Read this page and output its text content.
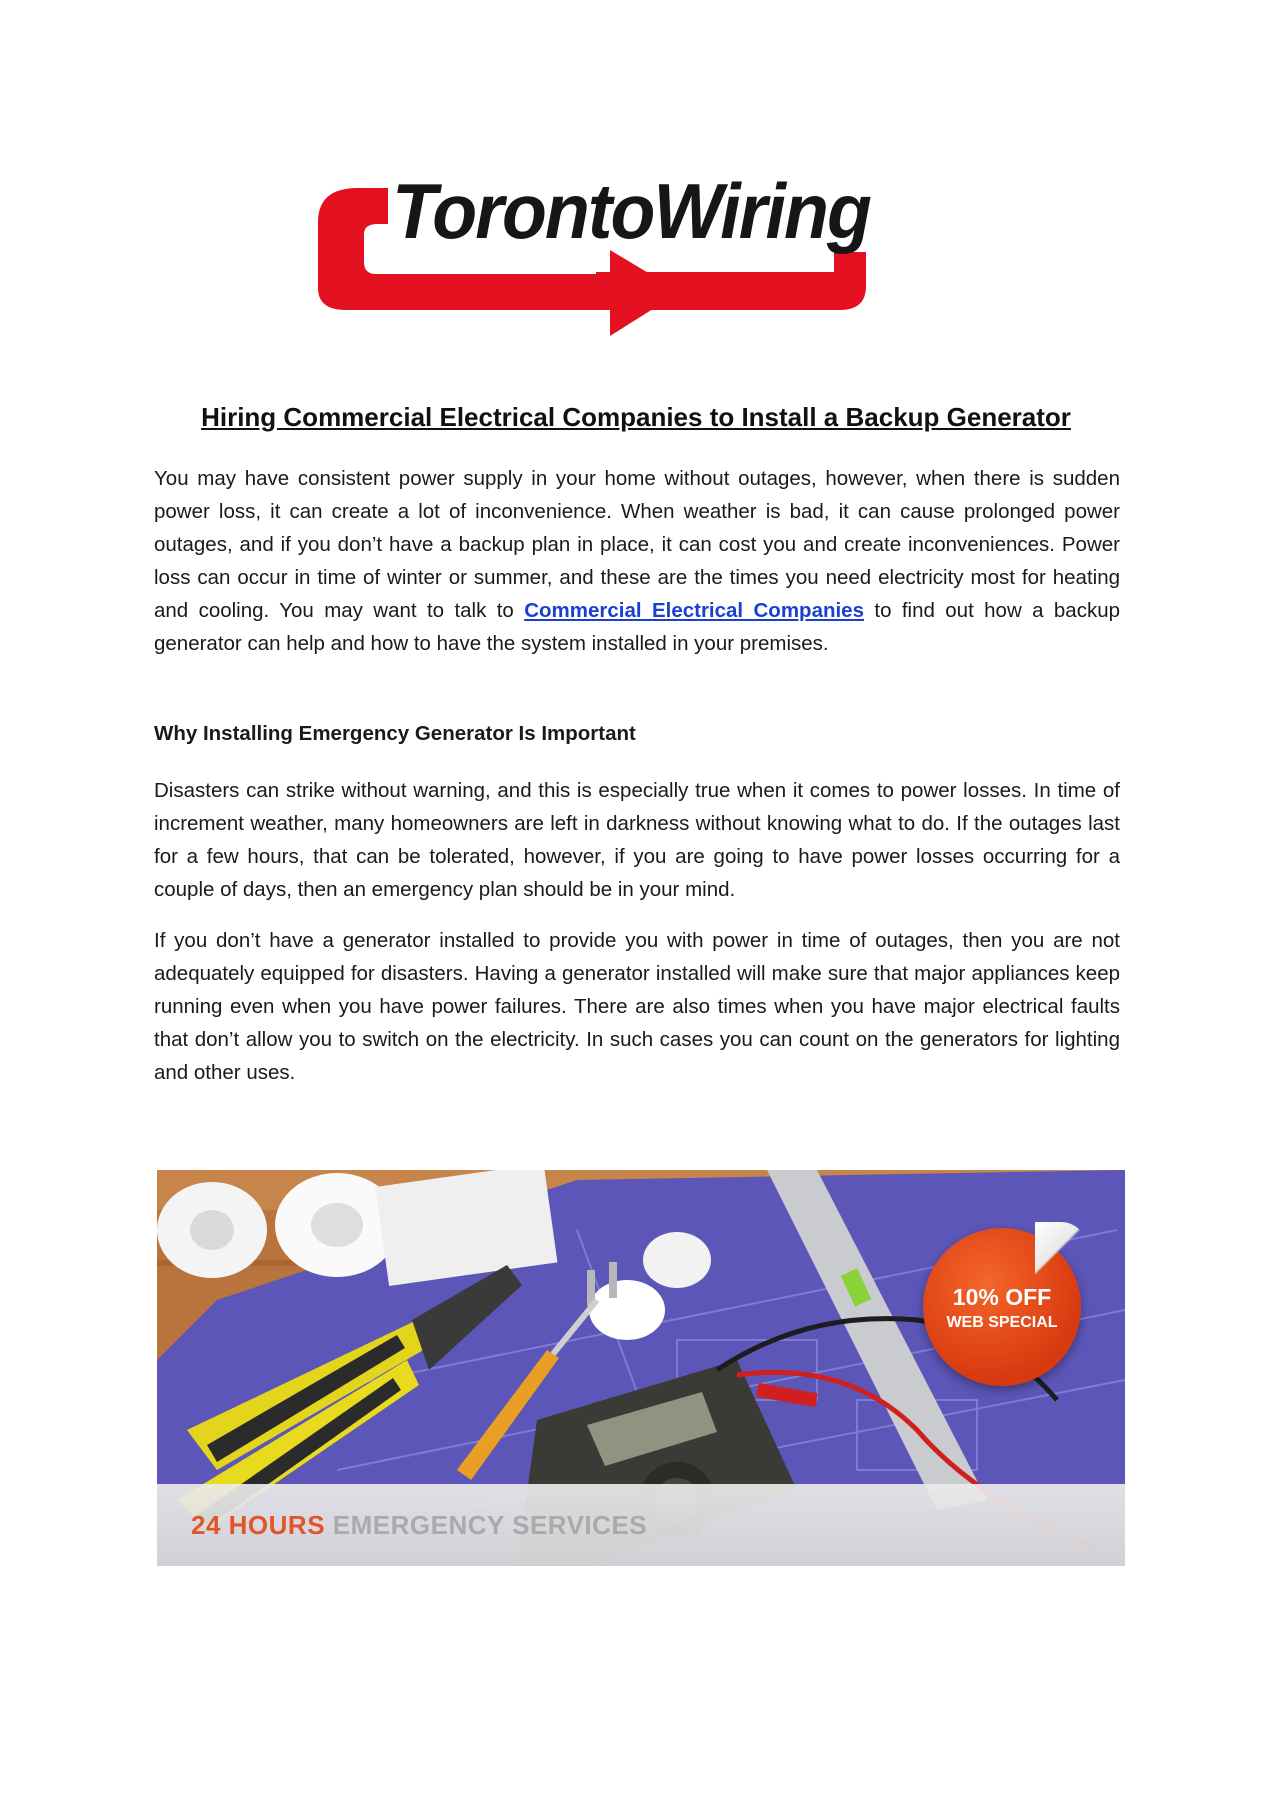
TorontoWiring
Hiring Commercial Electrical Companies to Install a Backup Generator

You may have consistent power supply in your home without outages, however, when there is sudden power loss, it can create a lot of inconvenience. When weather is bad, it can cause prolonged power outages, and if you don’t have a backup plan in place, it can cost you and create inconveniences. Power loss can occur in time of winter or summer, and these are the times you need electricity most for heating and cooling. You may want to talk to Commercial Electrical Companies to find out how a backup generator can help and how to have the system installed in your premises.

Why Installing Emergency Generator Is Important

Disasters can strike without warning, and this is especially true when it comes to power losses. In time of increment weather, many homeowners are left in darkness without knowing what to do. If the outages last for a few hours, that can be tolerated, however, if you are going to have power losses occurring for a couple of days, then an emergency plan should be in your mind.

If you don’t have a generator installed to provide you with power in time of outages, then you are not adequately equipped for disasters. Having a generator installed will make sure that major appliances keep running even when you have power failures. There are also times when you have major electrical faults that don’t allow you to switch on the electricity. In such cases you can count on the generators for lighting and other uses.

10% OFF
WEB SPECIAL
24 HOURS EMERGENCY SERVICES
